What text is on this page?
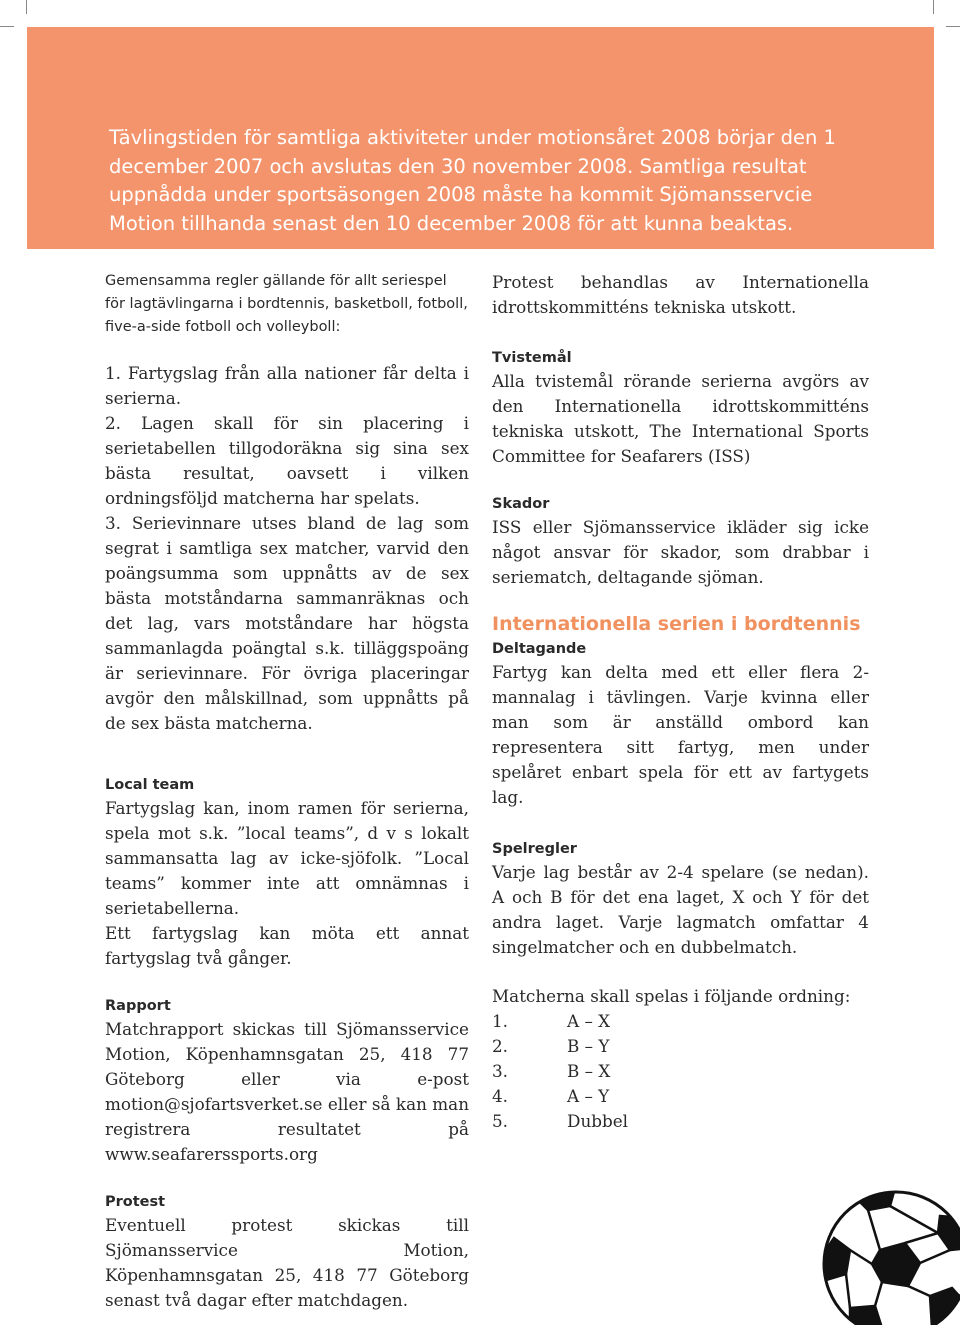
Tävlingstiden för samtliga aktiviteter under motionsåret 2008 börjar den 1 december 2007 och avslutas den 30 november 2008. Samtliga resultat uppnådda under sportsäsongen 2008 måste ha kommit Sjömansservcie Motion tillhanda senast den 10 december 2008 för att kunna beaktas.

Gemensamma regler gällande för allt seriespel för lagtävlingarna i bordtennis, basketboll, fotboll, five-a-side fotboll och volleyboll:

1. Fartygslag från alla nationer får delta i serierna.

2. Lagen skall för sin placering i serietabellen tillgodoräkna sig sina sex bästa resultat, oavsett i vilken ordningsföljd matcherna har spelats.

3. Serievinnare utses bland de lag som segrat i samtliga sex matcher, varvid den poängsumma som uppnåtts av de sex bästa motståndarna sammanräknas och det lag, vars motståndare har högsta sammanlagda poängtal s.k. tilläggspoäng är serievinnare. För övriga placeringar avgör den målskillnad, som uppnåtts på de sex bästa matcherna.

Local team

Fartygslag kan, inom ramen för serierna, spela mot s.k. ”local teams”, d v s lokalt sammansatta lag av icke-sjöfolk. ”Local teams” kommer inte att omnämnas i serietabellerna.

Ett fartygslag kan möta ett annat fartygslag två gånger.

Rapport

Matchrapport skickas till Sjömansservice Motion, Köpenhamnsgatan 25, 418 77 Göteborg eller via e-post motion@sjofartsverket.se eller så kan man registrera resultatet på www.seafarerssports.org

Protest

Eventuell protest skickas till Sjömansservice Motion, Köpenhamnsgatan 25, 418 77 Göteborg senast två dagar efter matchdagen.

Protest behandlas av Internationella idrottskommitténs tekniska utskott.

Tvistemål

Alla tvistemål rörande serierna avgörs av den Internationella idrottskommitténs tekniska utskott, The International Sports Committee for Seafarers (ISS)

Skador

ISS eller Sjömansservice ikläder sig icke något ansvar för skador, som drabbar i seriematch, deltagande sjöman.

Internationella serien i bordtennis
Deltagande

Fartyg kan delta med ett eller flera 2-mannalag i tävlingen. Varje kvinna eller man som är anställd ombord kan representera sitt fartyg, men under spelåret enbart spela för ett av fartygets lag.

Spelregler

Varje lag består av 2-4 spelare (se nedan). A och B för det ena laget, X och Y för det andra laget. Varje lagmatch omfattar 4 singelmatcher och en dubbelmatch.

Matcherna skall spelas i följande ordning:

1.	A – X
2.	B – Y
3.	B – X
4.	A – Y
5.	Dubbel
